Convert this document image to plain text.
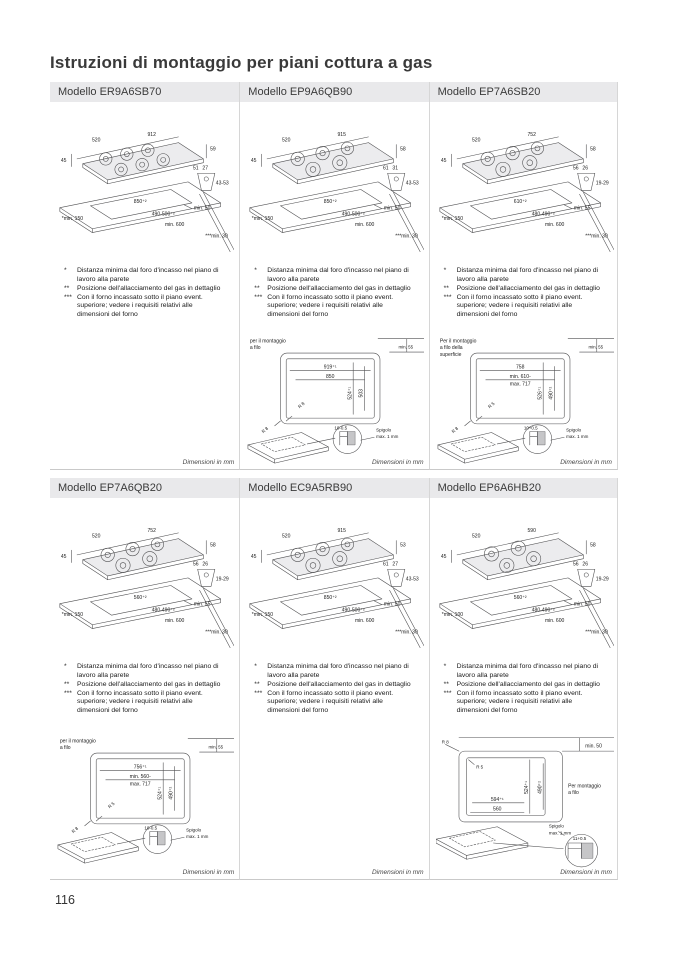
Istruzioni di montaggio per piani cottura a gas
Modello ER9A6SB70
520
912
45
59
51 27
43-53
850⁺²
490-500⁺²
min. 50
min. 600
*min. 150
***min. 30
*	Distanza minima dal foro d'incasso nel piano di lavoro alla parete
**	Posizione dell'allacciamento del gas in dettaglio
*** Con il forno incassato sotto il piano event. superiore; vedere i requisiti relativi alle dimensioni del forno
Dimensioni in mm
Modello EP9A6QB90
520
915
45
58
61 31
43-53
850⁺²
490-500⁺²
min. 50
min. 600
*min. 150
***min. 30
*	Distanza minima dal foro d'incasso nel piano di lavoro alla parete
**	Posizione dell'allacciamento del gas in dettaglio
*** Con il forno incassato sotto il piano event. superiore; vedere i requisiti relativi alle dimensioni del forno
per il montaggio
a filo	min. 55
919⁺¹
850
524⁺¹ 503
R 8
R 8	10-0.5	Spigolo
max. 1 mm
Dimensioni in mm
Modello EP7A6SB20
520
752
45
58
56 26
19-29
610⁺²
480-490⁺²
min. 55
min. 600
*min. 150
***min. 30
*	Distanza minima dal foro d'incasso nel piano di lavoro alla parete
**	Posizione dell'allacciamento del gas in dettaglio
*** Con il forno incassato sotto il piano event. superiore; vedere i requisiti relativi alle dimensioni del forno
Per il montaggio
a filo della
superficie
min. 55
758
min. 610-
max. 717
526⁺¹ 490⁺²
R 5
R 8	10+0.5	Spigolo
max. 1 mm
Dimensioni in mm
Modello EP7A6QB20
520
752
45
58
56 26
19-29
560⁺²
480-490⁺²
min. 55
min. 600
*min. 150
***min. 30
*	Distanza minima dal foro d'incasso nel piano di lavoro alla parete
**	Posizione dell'allacciamento del gas in dettaglio
*** Con il forno incassato sotto il piano event. superiore; vedere i requisiti relativi alle dimensioni del forno
per il montaggio
a filo	min. 55
756⁺¹
min. 560-
max. 717
524⁺¹ 490⁺²
R 5
R 8	10-0.5	Spigolo
max. 1 mm
Dimensioni in mm
Modello EC9A5RB90
520
915
45
53
61 27
43-53
850⁺²
490-500⁺²
min. 50
min. 600
*min. 150
***min. 30
*	Distanza minima dal foro d'incasso nel piano di lavoro alla parete
**	Posizione dell'allacciamento del gas in dettaglio
*** Con il forno incassato sotto il piano event. superiore; vedere i requisiti relativi alle dimensioni del forno
Dimensioni in mm
Modello EP6A6HB20
520
590
45
58
56 26
19-29
560⁺²
480-490⁺²
min. 50
min. 600
*min. 100
***min. 30
*	Distanza minima dal foro d'incasso nel piano di lavoro alla parete
**	Posizione dell'allacciamento del gas in dettaglio
*** Con il forno incassato sotto il piano event. superiore; vedere i requisiti relativi alle dimensioni del forno
R 8
min. 50
R 5
Per montaggio
a filo
524⁺¹ 490⁺²
594⁺¹
560
Spigolo
max. 1 mm
11+0.5
Dimensioni in mm
116
